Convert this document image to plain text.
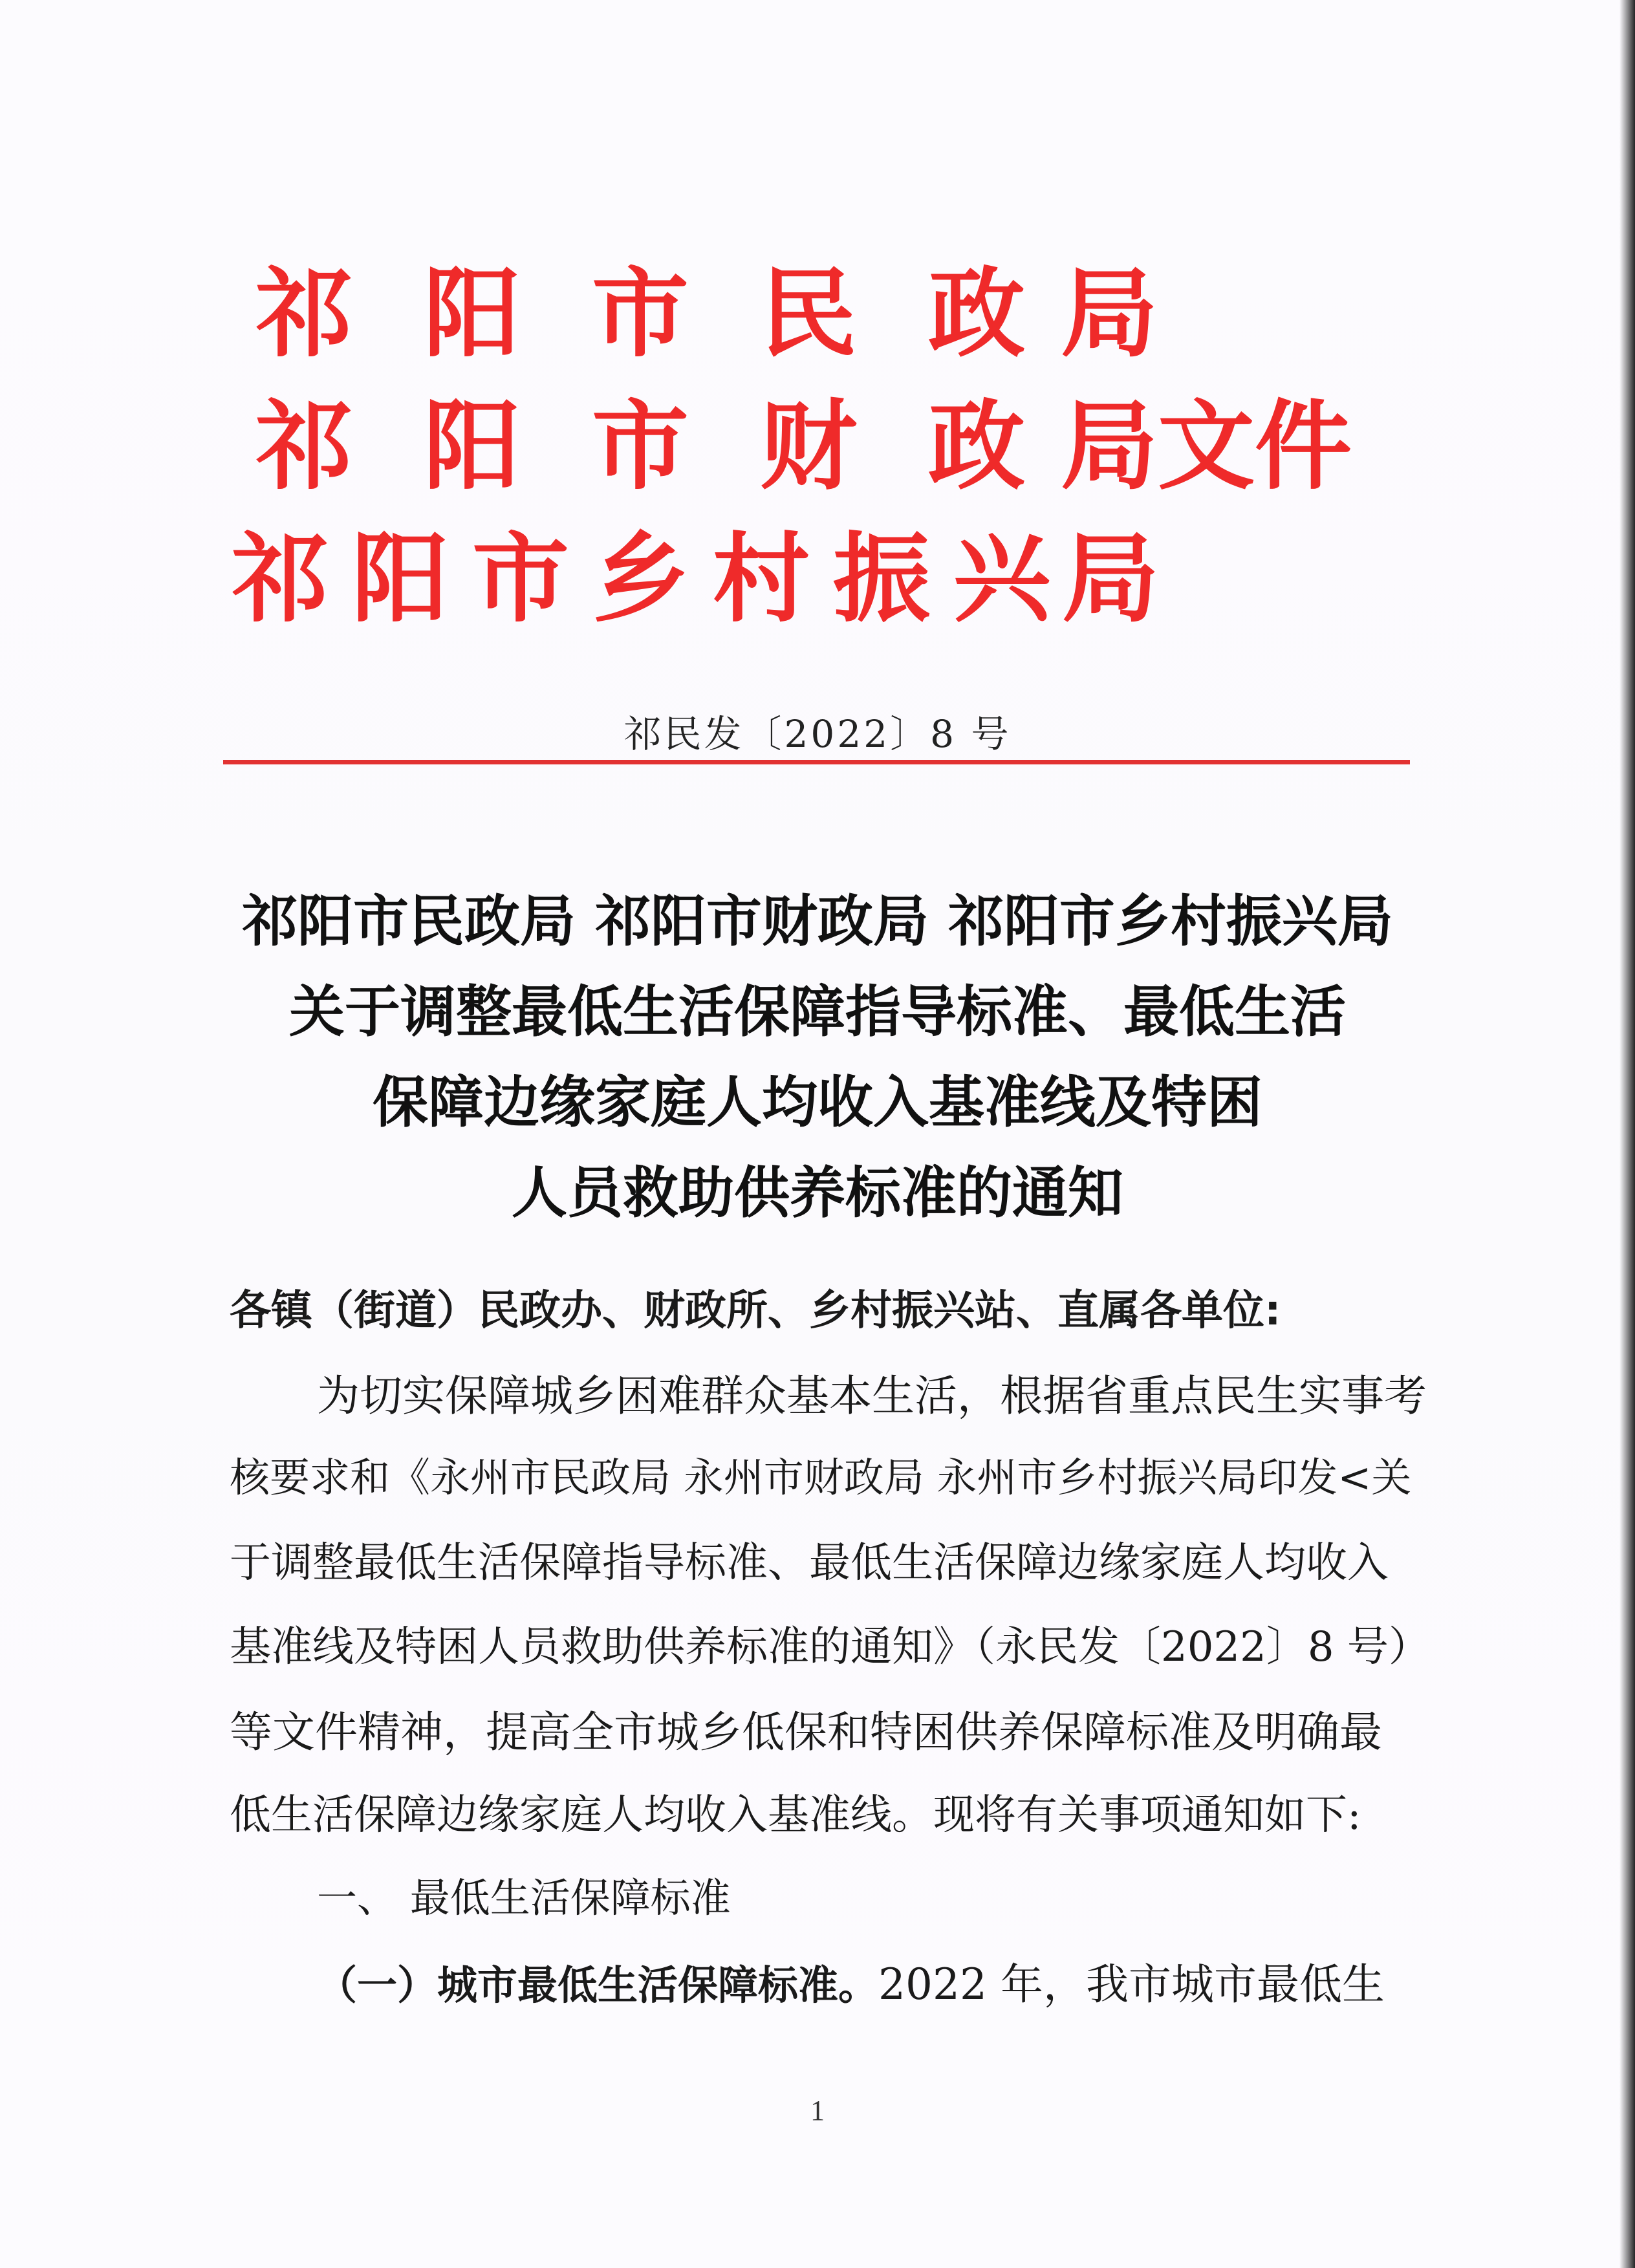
祁 阳 市 民 政 局
祁 阳 市 财 政 局文件
祁 阳 市 乡 村 振 兴 局
祁民发〔2022〕8 号
祁阳市民政局 祁阳市财政局 祁阳市乡村振兴局
关于调整最低生活保障指导标准、最低生活
保障边缘家庭人均收入基准线及特困
人员救助供养标准的通知
各镇（街道）民政办、财政所、乡村振兴站、直属各单位:
为切实保障城乡困难群众基本生活，根据省重点民生实事考
核要求和《永州市民政局 永州市财政局 永州市乡村振兴局印发<关
于调整最低生活保障指导标准、最低生活保障边缘家庭人均收入
基准线及特困人员救助供养标准的通知》（永民发〔2022〕8 号）
等文件精神，提高全市城乡低保和特困供养保障标准及明确最
低生活保障边缘家庭人均收入基准线。现将有关事项通知如下:
一、 最低生活保障标准
（一）城市最低生活保障标准。2022 年，我市城市最低生
1
